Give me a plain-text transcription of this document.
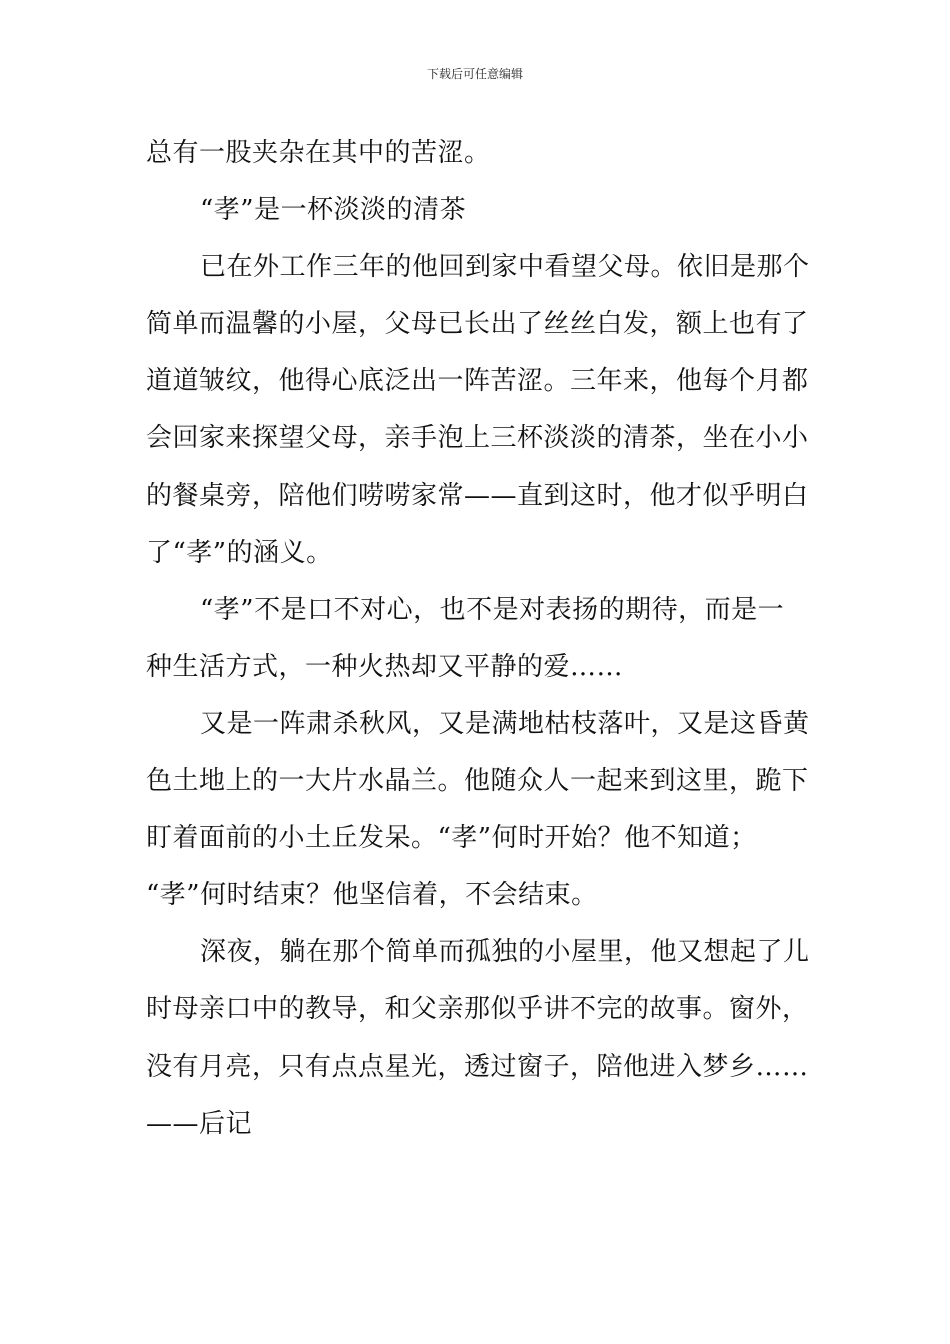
下载后可任意编辑
总有一股夹杂在其中的苦涩。
“孝”是一杯淡淡的清茶
已在外工作三年的他回到家中看望父母。依旧是那个
简单而温馨的小屋，父母已长出了丝丝白发，额上也有了
道道皱纹，他得心底泛出一阵苦涩。三年来，他每个月都
会回家来探望父母，亲手泡上三杯淡淡的清茶，坐在小小
的餐桌旁，陪他们唠唠家常——直到这时，他才似乎明白
了“孝”的涵义。
“孝”不是口不对心，也不是对表扬的期待，而是一
种生活方式，一种火热却又平静的爱……
又是一阵肃杀秋风，又是满地枯枝落叶，又是这昏黄
色土地上的一大片水晶兰。他随众人一起来到这里，跪下
盯着面前的小土丘发呆。“孝”何时开始？他不知道；
“孝”何时结束？他坚信着，不会结束。
深夜，躺在那个简单而孤独的小屋里，他又想起了儿
时母亲口中的教导，和父亲那似乎讲不完的故事。窗外，
没有月亮，只有点点星光，透过窗子，陪他进入梦乡……
——后记
